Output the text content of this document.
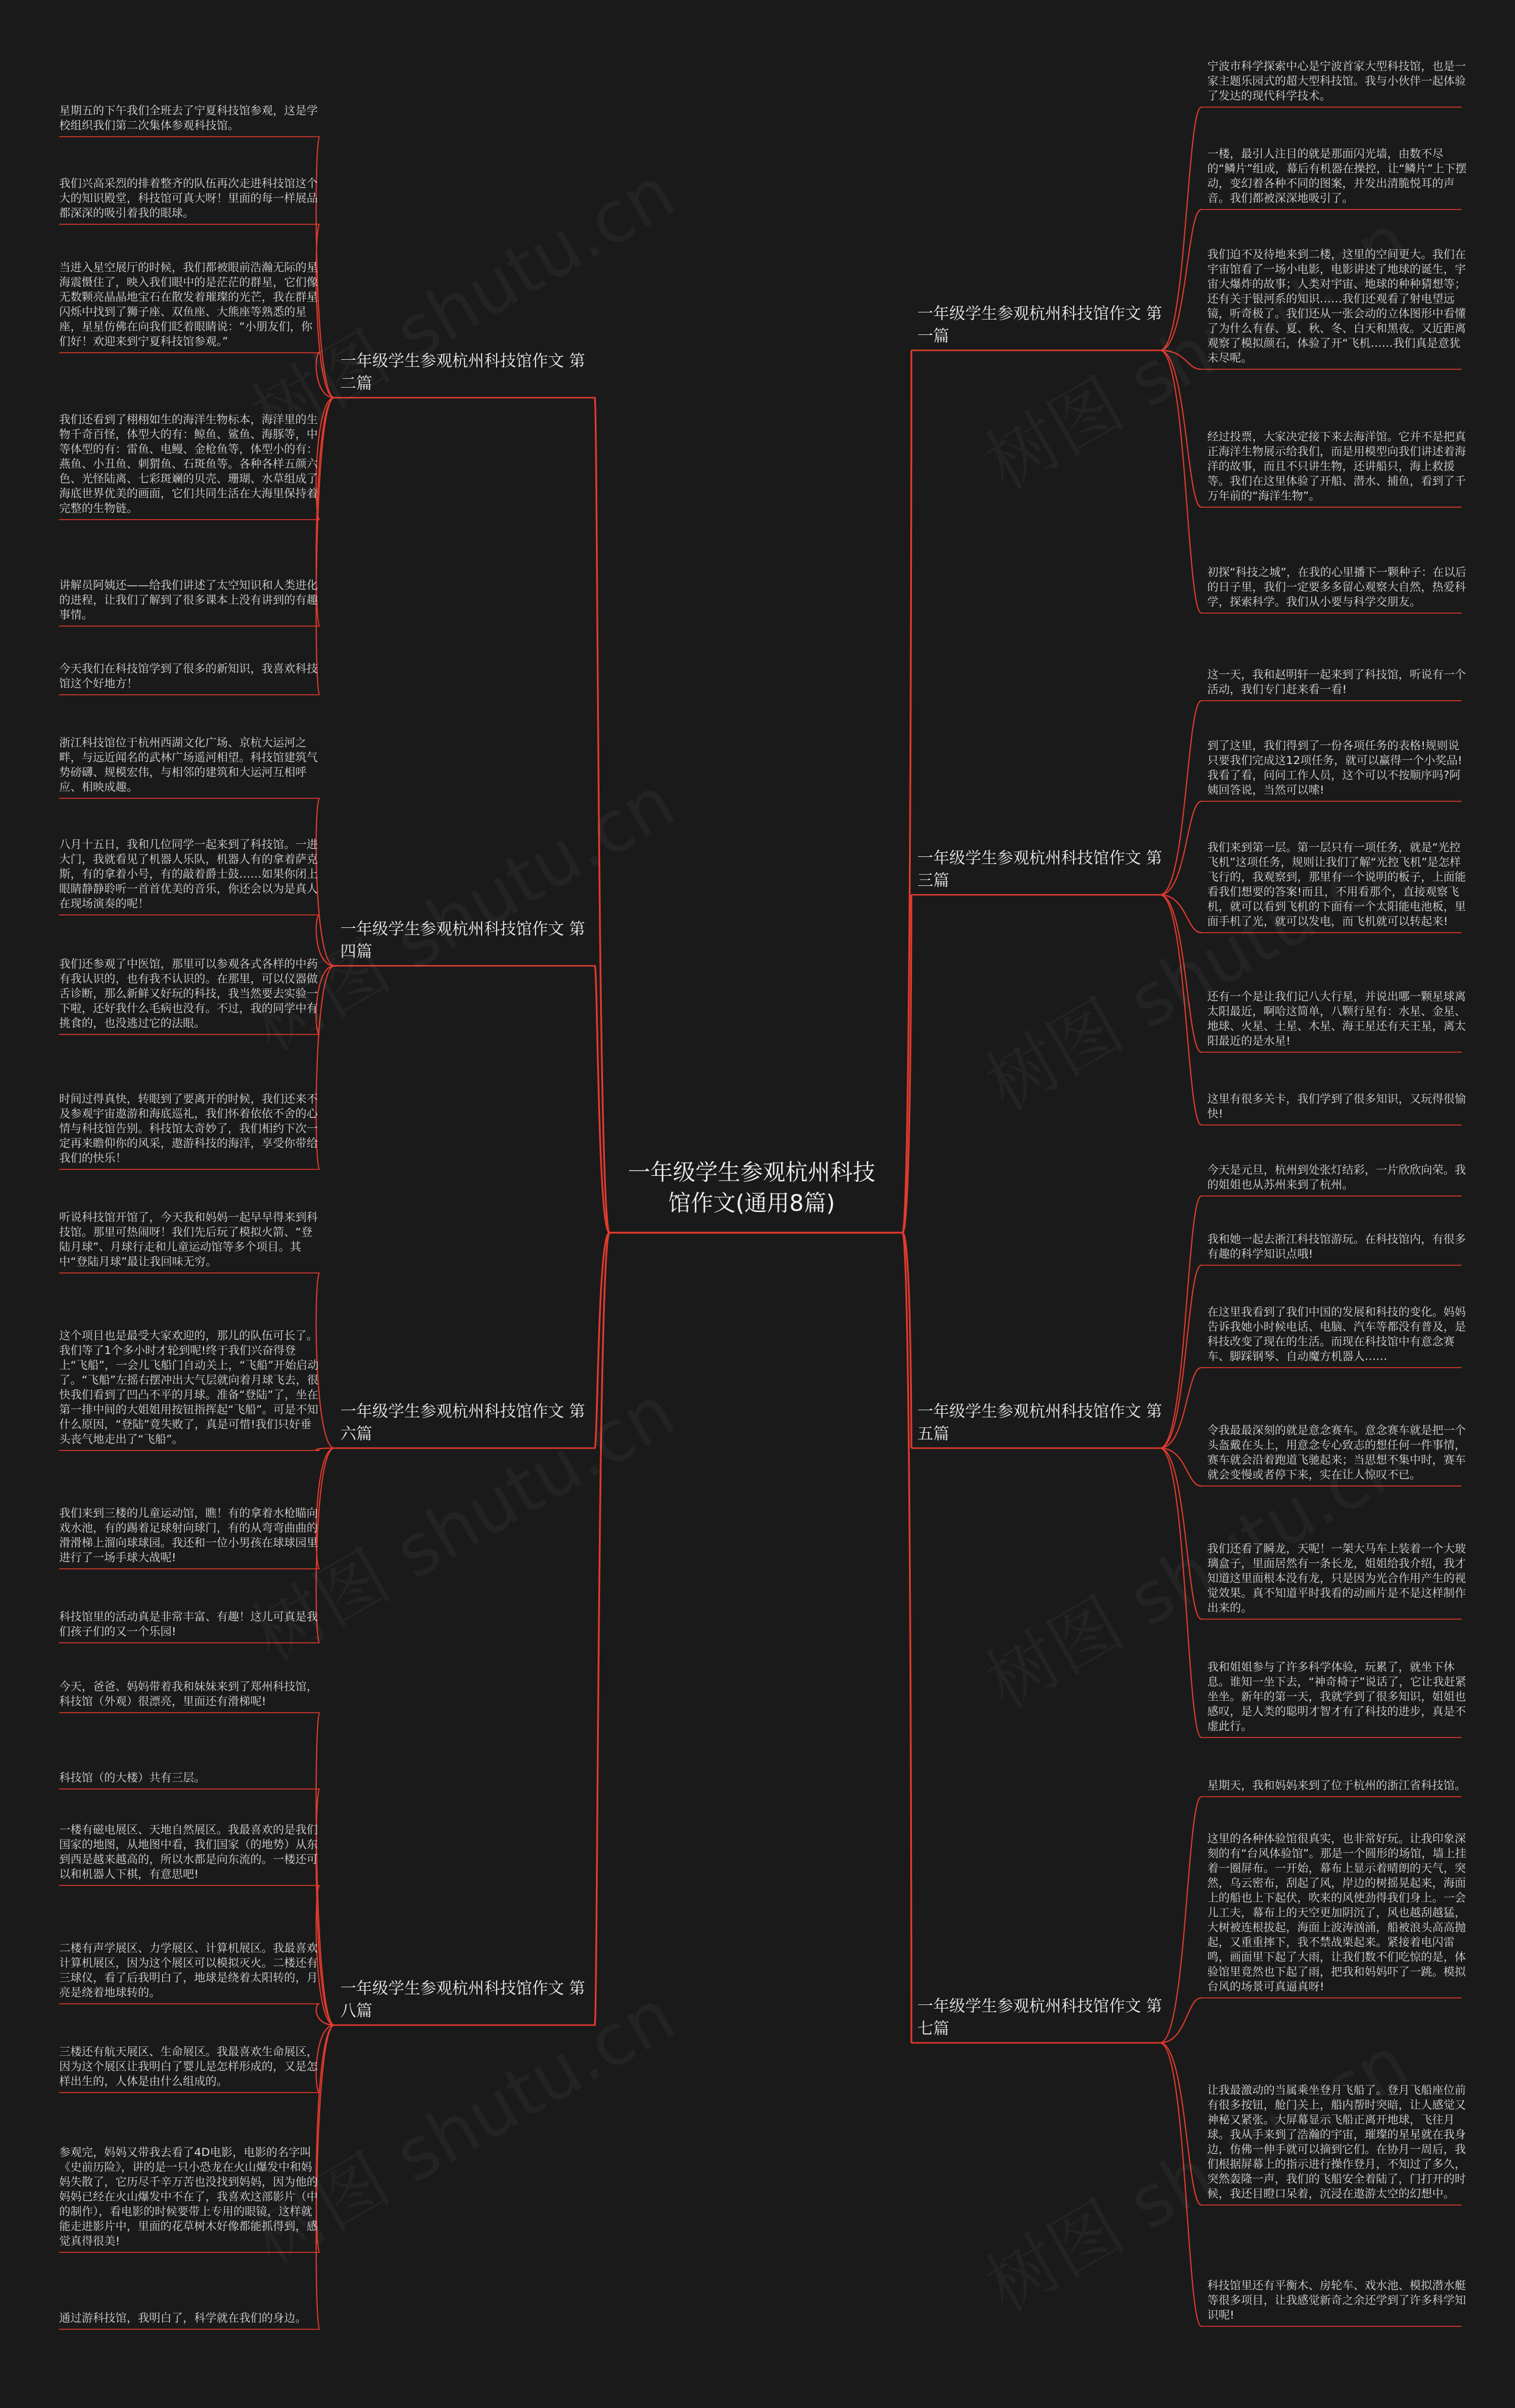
一年级学生参观杭州科技馆作文(通用8篇)
一年级学生参观杭州科技馆作文 第二篇
星期五的下午我们全班去了宁夏科技馆参观，这是学校组织我们第二次集体参观科技馆。
我们兴高采烈的排着整齐的队伍再次走进科技馆这个大的知识殿堂，科技馆可真大呀！里面的每一样展品都深深的吸引着我的眼球。
当进入星空展厅的时候，我们都被眼前浩瀚无际的星海震慑住了，映入我们眼中的是茫茫的群星，它们像无数颗亮晶晶地宝石在散发着璀璨的光芒，我在群星闪烁中找到了狮子座、双鱼座、大熊座等熟悉的星座，星星仿佛在向我们眨着眼睛说：“小朋友们，你们好！欢迎来到宁夏科技馆参观。”
我们还看到了栩栩如生的海洋生物标本，海洋里的生物千奇百怪，体型大的有：鲸鱼、鲨鱼、海豚等，中等体型的有：雷鱼、电鳗、金枪鱼等，体型小的有：燕鱼、小丑鱼、刺猬鱼、石斑鱼等。各种各样五颜六色、光怪陆离、七彩斑斓的贝壳、珊瑚、水草组成了海底世界优美的画面，它们共同生活在大海里保持着完整的生物链。
讲解员阿姨还——给我们讲述了太空知识和人类进化的进程，让我们了解到了很多课本上没有讲到的有趣事情。
今天我们在科技馆学到了很多的新知识，我喜欢科技馆这个好地方！
一年级学生参观杭州科技馆作文 第四篇
浙江科技馆位于杭州西湖文化广场、京杭大运河之畔，与远近闻名的武林广场遥河相望。科技馆建筑气势磅礴、规模宏伟，与相邻的建筑和大运河互相呼应、相映成趣。
八月十五日，我和几位同学一起来到了科技馆。一进大门，我就看见了机器人乐队，机器人有的拿着萨克斯，有的拿着小号，有的敲着爵士鼓……如果你闭上眼睛静静聆听一首首优美的音乐，你还会以为是真人在现场演奏的呢！
我们还参观了中医馆，那里可以参观各式各样的中药有我认识的，也有我不认识的。在那里，可以仪器做舌诊断，那么新鲜又好玩的科技，我当然要去实验一下啦，还好我什么毛病也没有。不过，我的同学中有挑食的，也没逃过它的法眼。
时间过得真快，转眼到了要离开的时候，我们还来不及参观宇宙遨游和海底巡礼，我们怀着依依不舍的心情与科技馆告别。科技馆太奇妙了，我们相约下次一定再来瞻仰你的风采，遨游科技的海洋，享受你带给我们的快乐！
一年级学生参观杭州科技馆作文 第六篇
听说科技馆开馆了，今天我和妈妈一起早早得来到科技馆。那里可热闹呀！我们先后玩了模拟火箭、“登陆月球”、月球行走和儿童运动馆等多个项目。其中“登陆月球”最让我回味无穷。
这个项目也是最受大家欢迎的，那儿的队伍可长了。我们等了1个多小时才轮到呢!终于我们兴奋得登上“飞船”，一会儿飞船门自动关上，“飞船”开始启动了。“飞船”左摇右摆冲出大气层就向着月球飞去，很快我们看到了凹凸不平的月球。准备“登陆”了，坐在第一排中间的大姐姐用按钮指挥起“飞船”。可是不知什么原因，“登陆”竟失败了，真是可惜!我们只好垂头丧气地走出了“飞船”。
我们来到三楼的儿童运动馆，瞧！有的拿着水枪瞄向戏水池，有的踢着足球射向球门，有的从弯弯曲曲的滑滑梯上溜向球球园。我还和一位小男孩在球球园里进行了一场手球大战呢!
科技馆里的活动真是非常丰富、有趣！这儿可真是我们孩子们的又一个乐园!
一年级学生参观杭州科技馆作文 第八篇
今天，爸爸、妈妈带着我和妹妹来到了郑州科技馆，科技馆（外观）很漂亮，里面还有滑梯呢!
科技馆（的大楼）共有三层。
一楼有磁电展区、天地自然展区。我最喜欢的是我们国家的地图，从地图中看，我们国家（的地势）从东到西是越来越高的，所以水都是向东流的。一楼还可以和机器人下棋，有意思吧!
二楼有声学展区、力学展区、计算机展区。我最喜欢计算机展区，因为这个展区可以模拟灭火。二楼还有三球仪，看了后我明白了，地球是绕着太阳转的，月亮是绕着地球转的。
三楼还有航天展区、生命展区。我最喜欢生命展区，因为这个展区让我明白了婴儿是怎样形成的，又是怎样出生的，人体是由什么组成的。
参观完，妈妈又带我去看了4D电影，电影的名字叫《史前历险》，讲的是一只小恐龙在火山爆发中和妈妈失散了，它历尽千辛万苦也没找到妈妈，因为他的妈妈已经在火山爆发中不在了，我喜欢这部影片（中的制作），看电影的时候要带上专用的眼镜，这样就能走进影片中，里面的花草树木好像都能抓得到，感觉真得很美!
通过游科技馆，我明白了，科学就在我们的身边。
一年级学生参观杭州科技馆作文 第一篇
宁波市科学探索中心是宁波首家大型科技馆，也是一家主题乐园式的超大型科技馆。我与小伙伴一起体验了发达的现代科学技术。
一楼，最引人注目的就是那面闪光墙，由数不尽的“鳞片”组成，幕后有机器在操控，让“鳞片”上下摆动，变幻着各种不同的图案，并发出清脆悦耳的声音。我们都被深深地吸引了。
我们迫不及待地来到二楼，这里的空间更大。我们在宇宙馆看了一场小电影，电影讲述了地球的诞生，宇宙大爆炸的故事；人类对宇宙、地球的种种猜想等；还有关于银河系的知识……我们还观看了射电望远镜，听奇极了。我们还从一张会动的立体图形中看懂了为什么有春、夏、秋、冬、白天和黑夜。又近距离观察了模拟颜石，体验了开“飞机……我们真是意犹未尽呢。
经过投票，大家决定接下来去海洋馆。它并不是把真正海洋生物展示给我们，而是用模型向我们讲述着海洋的故事，而且不只讲生物，还讲船只，海上救援等。我们在这里体验了开船、潜水、捕鱼，看到了千万年前的“海洋生物”。
初探“科技之城”，在我的心里播下一颗种子：在以后的日子里，我们一定要多多留心观察大自然，热爱科学，探索科学。我们从小要与科学交朋友。
一年级学生参观杭州科技馆作文 第三篇
这一天，我和赵明轩一起来到了科技馆，听说有一个活动，我们专门赶来看一看!
到了这里，我们得到了一份各项任务的表格!规则说只要我们完成这12项任务，就可以赢得一个小奖品!我看了看，问问工作人员，这个可以不按顺序吗?阿姨回答说，当然可以嗦!
我们来到第一层。第一层只有一项任务，就是“光控飞机”这项任务，规则让我们了解“光控飞机”是怎样飞行的，我观察到，那里有一个说明的板子，上面能看我们想要的答案!而且，不用看那个，直接观察飞机，就可以看到飞机的下面有一个太阳能电池板，里面手机了光，就可以发电，而飞机就可以转起来!
还有一个是让我们记八大行星，并说出哪一颗星球离太阳最近，啊哈这简单，八颗行星有：水星、金星、地球、火星、土星、木星、海王星还有天王星，离太阳最近的是水星!
这里有很多关卡，我们学到了很多知识，又玩得很愉快!
一年级学生参观杭州科技馆作文 第五篇
今天是元旦，杭州到处张灯结彩，一片欣欣向荣。我的姐姐也从苏州来到了杭州。
我和她一起去浙江科技馆游玩。在科技馆内，有很多有趣的科学知识点哦!
在这里我看到了我们中国的发展和科技的变化。妈妈告诉我她小时候电话、电脑、汽车等都没有普及，是科技改变了现在的生活。而现在科技馆中有意念赛车、脚踩钢琴、自动魔方机器人……
令我最最深刻的就是意念赛车。意念赛车就是把一个头盔戴在头上，用意念专心致志的想任何一件事情，赛车就会沿着跑道飞驰起来；当思想不集中时，赛车就会变慢或者停下来，实在让人惊叹不已。
我们还看了瞬龙，天呢！一架大马车上装着一个大玻璃盒子，里面居然有一条长龙，姐姐给我介绍，我才知道这里面根本没有龙，只是因为光合作用产生的视觉效果。真不知道平时我看的动画片是不是这样制作出来的。
我和姐姐参与了许多科学体验，玩累了，就坐下休息。谁知一坐下去，“神奇椅子”说话了，它让我赶紧坐坐。新年的第一天，我就学到了很多知识，姐姐也感叹，是人类的聪明才智才有了科技的进步，真是不虚此行。
一年级学生参观杭州科技馆作文 第七篇
星期天，我和妈妈来到了位于杭州的浙江省科技馆。
这里的各种体验馆很真实，也非常好玩。让我印象深刻的有“台风体验馆”。那是一个圆形的场馆，墙上挂着一圈屏布。一开始，幕布上显示着晴朗的天气，突然，乌云密布，刮起了风，岸边的树摇晃起来，海面上的船也上下起伏，吹来的风使劲得我们身上。一会儿工夫，幕布上的天空更加阴沉了，风也越刮越猛，大树被连根拔起，海面上波涛汹涌，船被浪头高高抛起，又重重摔下，我不禁战栗起来。紧接着电闪雷鸣，画面里下起了大雨，让我们数不们吃惊的是，体验馆里竟然也下起了雨，把我和妈妈吓了一跳。模拟台风的场景可真逼真呀!
让我最激动的当属乘坐登月飞船了。登月飞船座位前有很多按钮，舱门关上，船内帮时突暗，让人感觉又神秘又紧张。大屏幕显示飞船正离开地球，飞往月球。我从手来到了浩瀚的宇宙，璀璨的星星就在我身边，仿佛一伸手就可以摘到它们。在协月一周后，我们根据屏幕上的指示进行操作登月，不知过了多久，突然轰隆一声，我们的飞船安全着陆了，门打开的时候，我还目瞪口呆着，沉浸在遨游太空的幻想中。
科技馆里还有平衡木、房轮车、戏水池、模拟潜水艇等很多项目，让我感觉新奇之余还学到了许多科学知识呢!
